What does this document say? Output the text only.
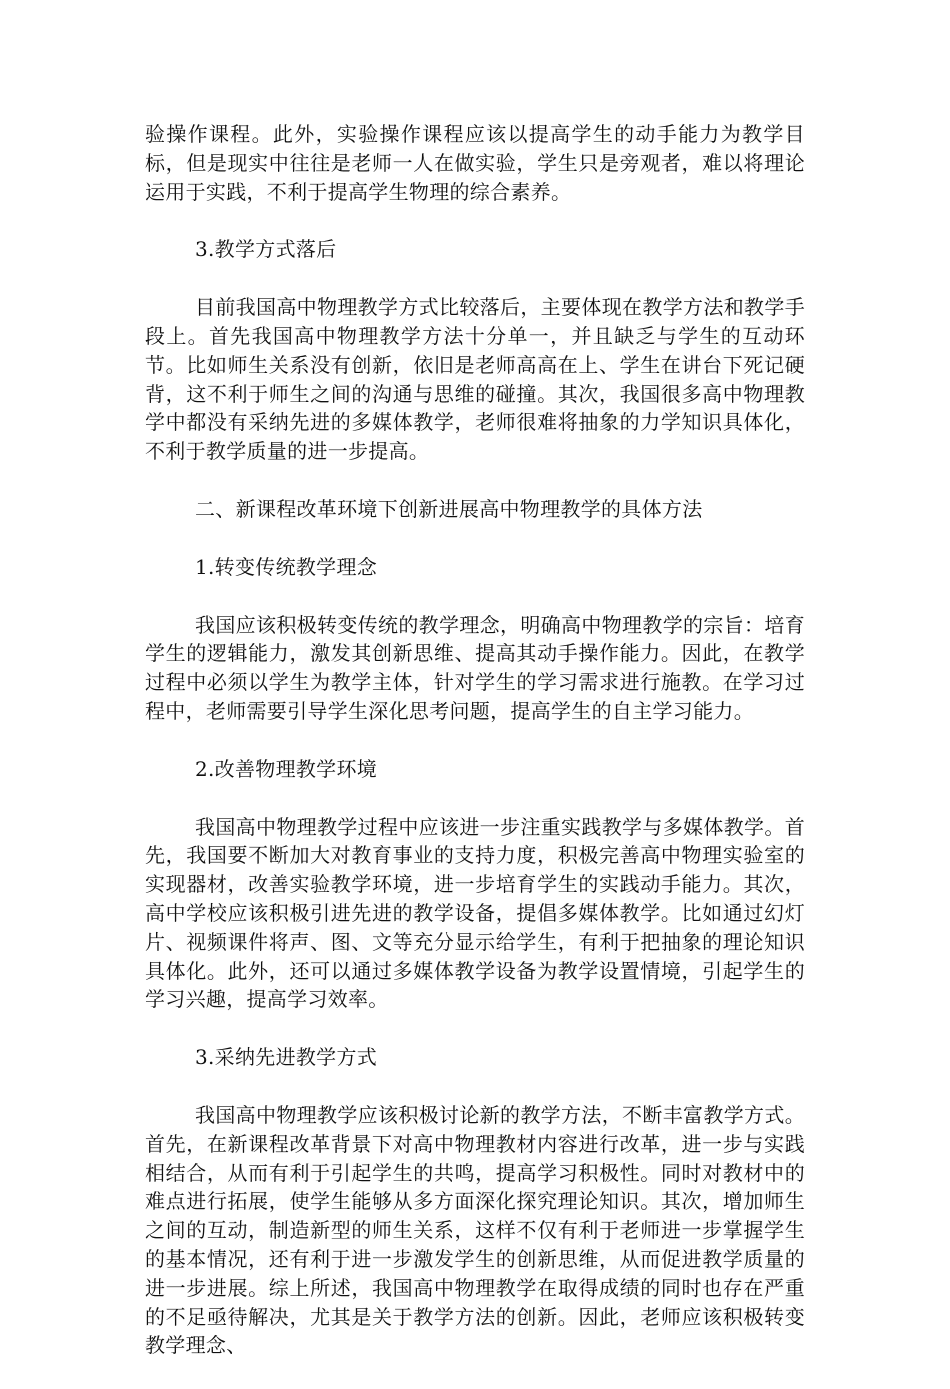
验操作课程。此外，实验操作课程应该以提高学生的动手能力为教学目标，但是现实中往往是老师一人在做实验，学生只是旁观者，难以将理论运用于实践，不利于提高学生物理的综合素养。

3.教学方式落后

目前我国高中物理教学方式比较落后，主要体现在教学方法和教学手段上。首先我国高中物理教学方法十分单一，并且缺乏与学生的互动环节。比如师生关系没有创新，依旧是老师高高在上、学生在讲台下死记硬背，这不利于师生之间的沟通与思维的碰撞。其次，我国很多高中物理教学中都没有采纳先进的多媒体教学，老师很难将抽象的力学知识具体化，不利于教学质量的进一步提高。

二、新课程改革环境下创新进展高中物理教学的具体方法

1.转变传统教学理念

我国应该积极转变传统的教学理念，明确高中物理教学的宗旨：培育学生的逻辑能力，激发其创新思维、提高其动手操作能力。因此，在教学过程中必须以学生为教学主体，针对学生的学习需求进行施教。在学习过程中，老师需要引导学生深化思考问题，提高学生的自主学习能力。

2.改善物理教学环境

我国高中物理教学过程中应该进一步注重实践教学与多媒体教学。首先，我国要不断加大对教育事业的支持力度，积极完善高中物理实验室的实现器材，改善实验教学环境，进一步培育学生的实践动手能力。其次，高中学校应该积极引进先进的教学设备，提倡多媒体教学。比如通过幻灯片、视频课件将声、图、文等充分显示给学生，有利于把抽象的理论知识具体化。此外，还可以通过多媒体教学设备为教学设置情境，引起学生的学习兴趣，提高学习效率。

3.采纳先进教学方式

我国高中物理教学应该积极讨论新的教学方法，不断丰富教学方式。首先，在新课程改革背景下对高中物理教材内容进行改革，进一步与实践相结合，从而有利于引起学生的共鸣，提高学习积极性。同时对教材中的难点进行拓展，使学生能够从多方面深化探究理论知识。其次，增加师生之间的互动，制造新型的师生关系，这样不仅有利于老师进一步掌握学生的基本情况，还有利于进一步激发学生的创新思维，从而促进教学质量的进一步进展。综上所述，我国高中物理教学在取得成绩的同时也存在严重的不足亟待解决，尤其是关于教学方法的创新。因此，老师应该积极转变教学理念、
